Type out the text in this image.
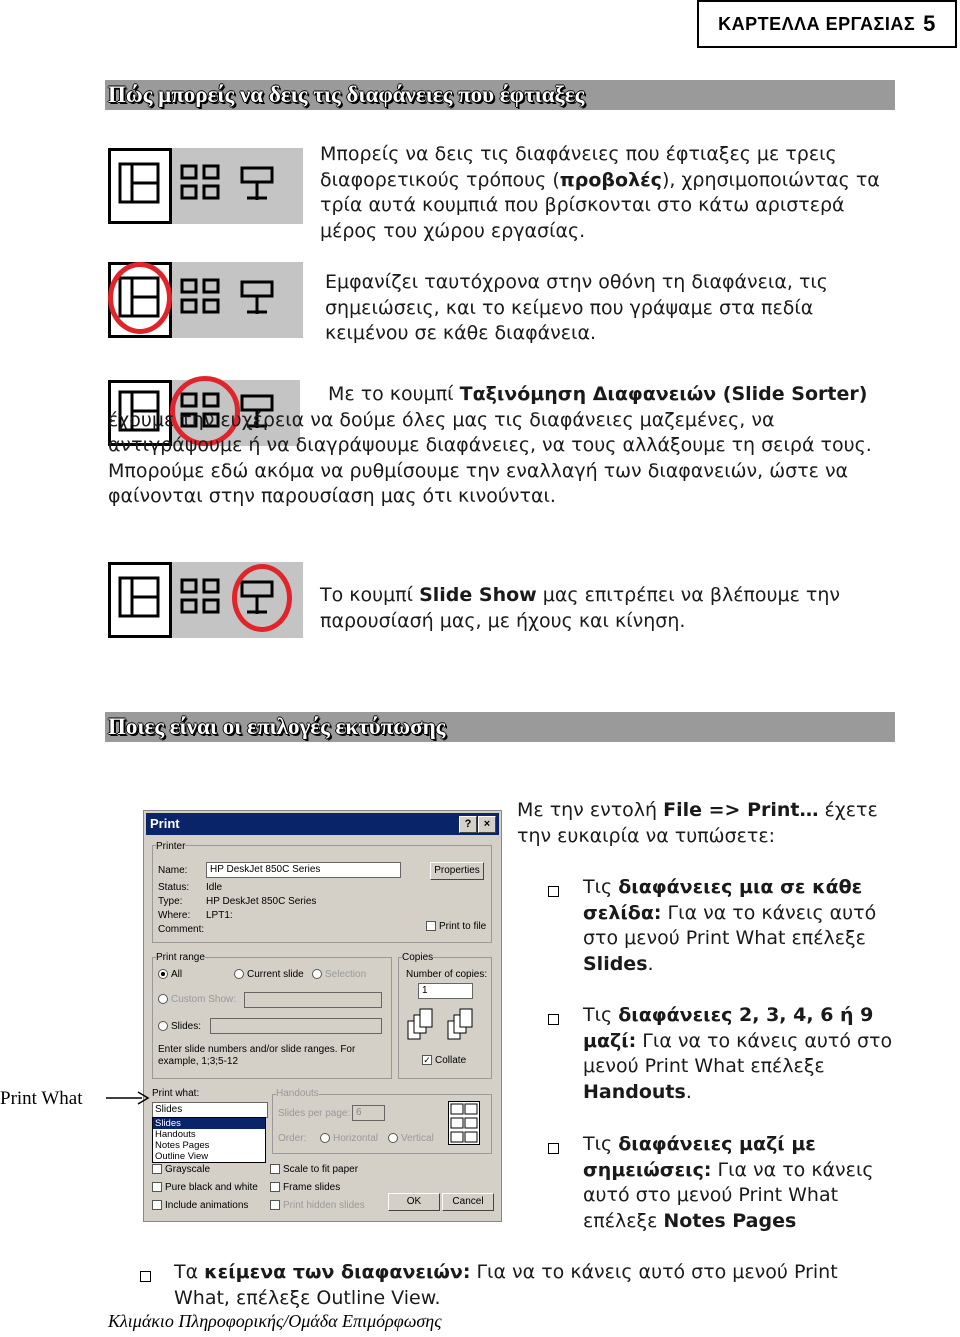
ΚΑΡΤΕΛΛΑ ΕΡΓΑΣΙΑΣ 5
Πώς μπορείς να δεις τις διαφάνειες που έφτιαξες
Μπορείς να δεις τις διαφάνειες που έφτιαξες με τρεις διαφορετικούς τρόπους (προβολές), χρησιμοποιώντας τα τρία αυτά κουμπιά που βρίσκονται στο κάτω αριστερά μέρος του χώρου εργασίας.
Εμφανίζει ταυτόχρονα στην οθόνη τη διαφάνεια, τις σημειώσεις, και το κείμενο που γράψαμε στα πεδία κειμένου σε κάθε διαφάνεια.
Με το κουμπί Ταξινόμηση Διαφανειών (Slide Sorter) έχουμε την ευχέρεια να δούμε όλες μας τις διαφάνειες μαζεμένες, να αντιγράψουμε ή να διαγράψουμε διαφάνειες, να τους αλλάξουμε τη σειρά τους. Μπορούμε εδώ ακόμα να ρυθμίσουμε την εναλλαγή των διαφανειών, ώστε να φαίνονται στην παρουσίαση μας ότι κινούνται.
Το κουμπί Slide Show μας επιτρέπει να βλέπουμε την παρουσίασή μας, με ήχους και κίνηση.
Ποιες είναι οι επιλογές εκτύπωσης
Print	?	×
Printer
Name:	HP DeskJet 850C Series	Properties
Status: Idle
Type: HP DeskJet 850C Series
Where: LPT1:
Comment:	Print to file
Print range
All	Current slide	Selection
Custom Show:
Slides:
Enter slide numbers and/or slide ranges. For example, 1;3;5-12
Copies
Number of copies:
1
✓ Collate
Print what:
Slides
Slides
Handouts
Notes Pages
Outline View
Handouts
Slides per page: 6
Order:	Horizontal	Vertical
Grayscale
Pure black and white
Include animations
Scale to fit paper
Frame slides
Print hidden slides	OK	Cancel
Print What
Με την εντολή File => Print… έχετε την ευκαιρία να τυπώσετε:
Τις διαφάνειες μια σε κάθε σελίδα: Για να το κάνεις αυτό στο μενού Print What επέλεξε Slides.
Τις διαφάνειες 2, 3, 4, 6 ή 9 μαζί: Για να το κάνεις αυτό στο μενού Print What επέλεξε Handouts.
Τις διαφάνειες μαζί με σημειώσεις: Για να το κάνεις αυτό στο μενού Print What επέλεξε Notes Pages
Τα κείμενα των διαφανειών: Για να το κάνεις αυτό στο μενού Print What, επέλεξε Outline View.
Κλιμάκιο Πληροφορικής/Ομάδα Επιμόρφωσης
